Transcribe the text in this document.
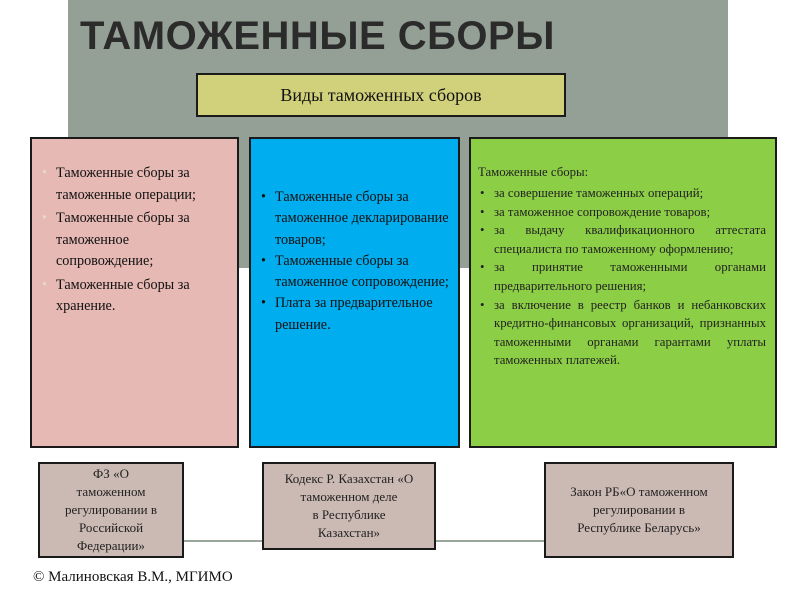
ТАМОЖЕННЫЕ СБОРЫ
Виды таможенных сборов
• Таможенные сборы за таможенные операции;
• Таможенные сборы за таможенное сопровождение;
• Таможенные сборы за хранение.
• Таможенные сборы за таможенное декларирование товаров;
• Таможенные сборы за таможенное сопровождение;
• Плата за предварительное решение.
Таможенные сборы:
• за совершение таможенных операций;
• за таможенное сопровождение товаров;
• за выдачу квалификационного аттестата специалиста по таможенному оформлению;
• за принятие таможенными органами предварительного решения;
• за включение в реестр банков и небанковских кредитно-финансовых организаций, признанных таможенными органами гарантами уплаты таможенных платежей.
ФЗ «О
таможенном
регулировании в
Российской
Федерации»
Кодекс Р. Казахстан «О
таможенном деле
в Республике
Казахстан»
Закон РБ«О таможенном
регулировании в
Республике Беларусь»
© Малиновская В.М., МГИМО
